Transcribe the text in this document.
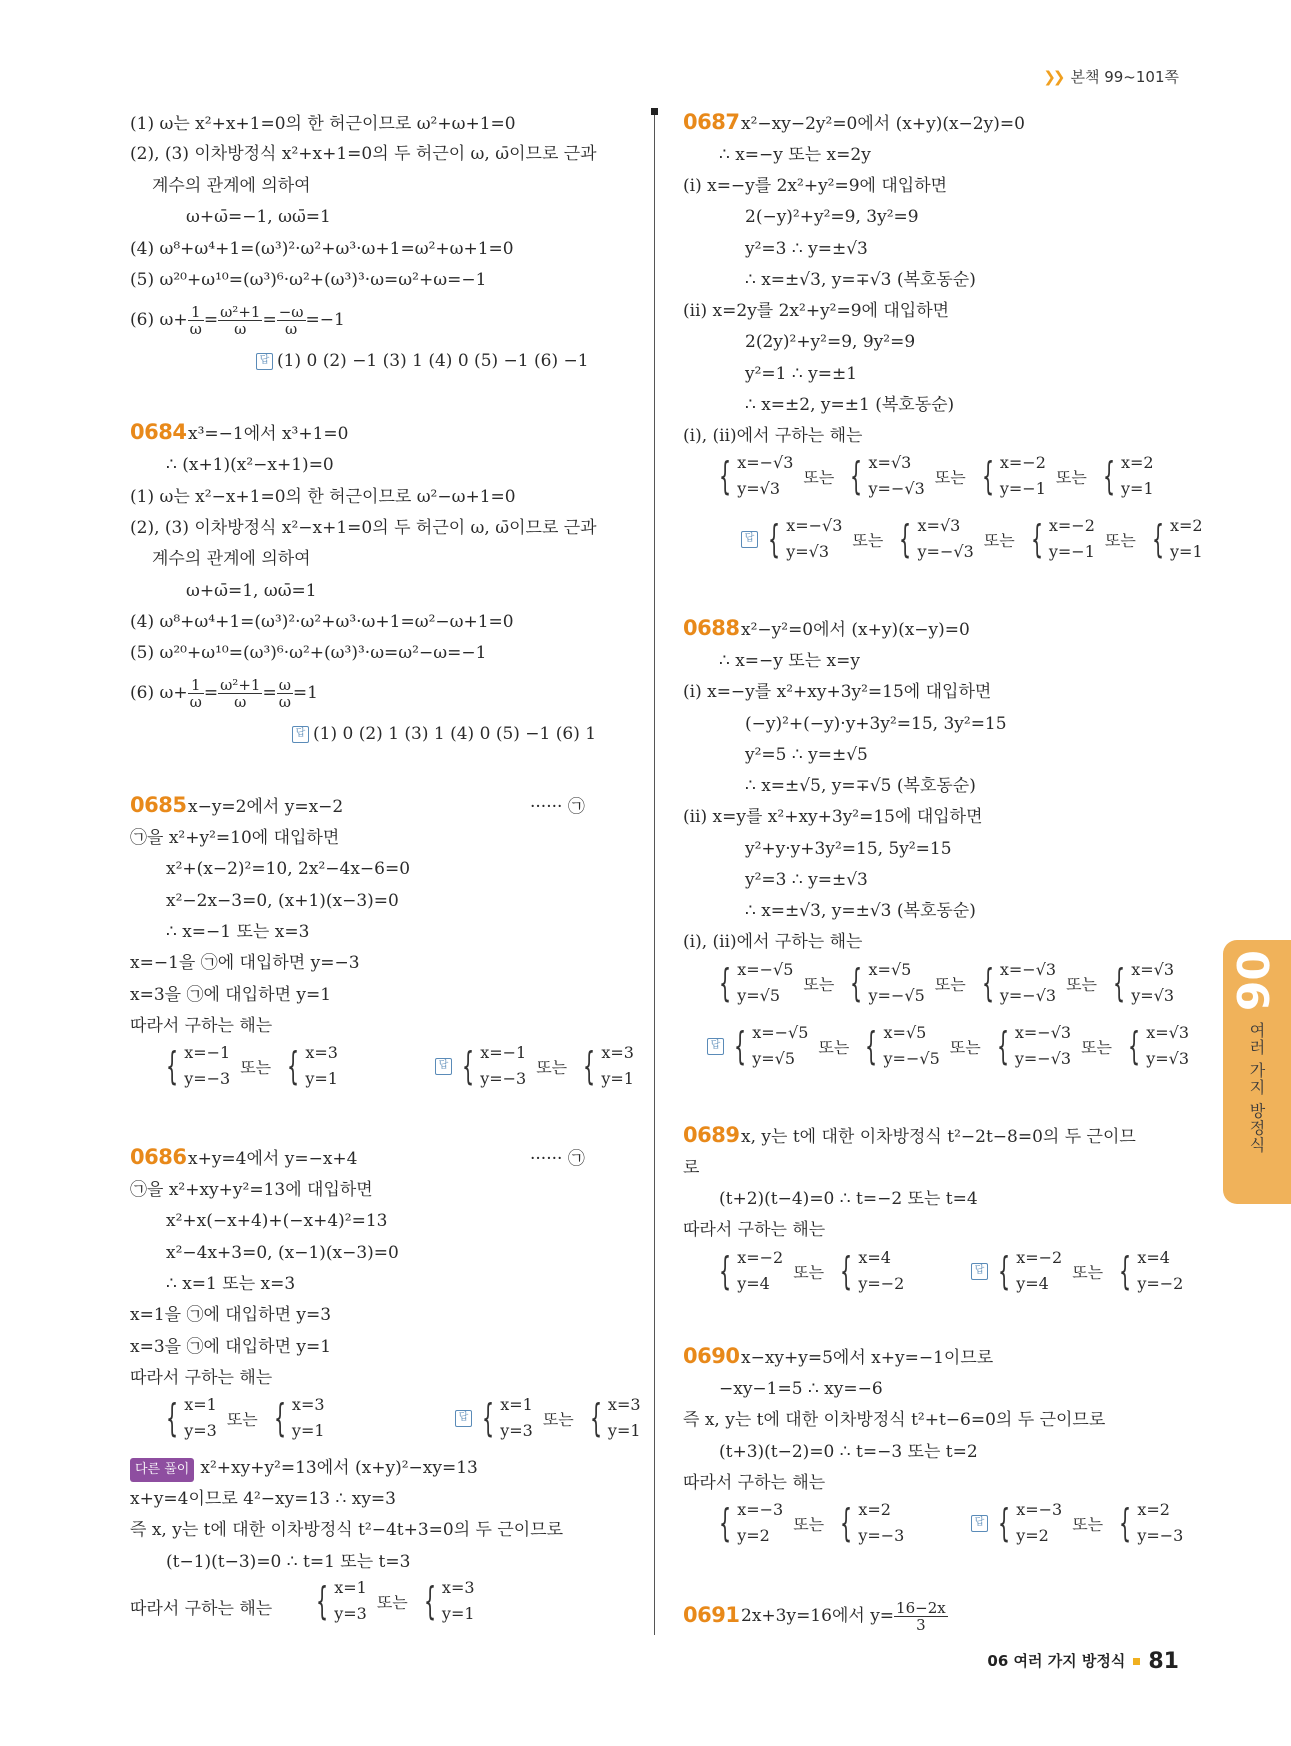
❯❯ 본책 99~101쪽
(1) ω는 x²+x+1=0의 한 허근이므로 ω²+ω+1=0
(2), (3) 이차방정식 x²+x+1=0의 두 허근이 ω, ω̄이므로 근과
계수의 관계에 의하여
ω+ω̄=−1, ωω̄=1
(4) ω⁸+ω⁴+1=(ω³)²·ω²+ω³·ω+1=ω²+ω+1=0
(5) ω²⁰+ω¹⁰=(ω³)⁶·ω²+(ω³)³·ω=ω²+ω=−1
(6) $\omega+ \frac{1}{\omega} = \frac{\text{ω²+1}}{\omega} = \frac{-\omega}{\omega} =-1$
답 (1) 0 (2) −1 (3) 1 (4) 0 (5) −1 (6) −1
0684 x³=−1에서 x³+1=0
∴ (x+1)(x²−x+1)=0
(1) ω는 x²−x+1=0의 한 허근이므로 ω²−ω+1=0
(2), (3) 이차방정식 x²−x+1=0의 두 허근이 ω, ω̄이므로 근과
계수의 관계에 의하여
ω+ω̄=1, ωω̄=1
(4) ω⁸+ω⁴+1=(ω³)²·ω²+ω³·ω+1=ω²−ω+1=0
(5) ω²⁰+ω¹⁰=(ω³)⁶·ω²+(ω³)³·ω=ω²−ω=−1
(6) $\omega+ \frac{1}{\omega} = \frac{\text{ω²+1}}{\omega} = \frac{\omega}{\omega} =1$
답 (1) 0 (2) 1 (3) 1 (4) 0 (5) −1 (6) 1
0685 x−y=2에서 y=x−2	······ ㉠
㉠을 x²+y²=10에 대입하면
x²+(x−2)²=10, 2x²−4x−6=0
x²−2x−3=0, (x+1)(x−3)=0
∴ x=−1 또는 x=3
x=−1을 ㉠에 대입하면 y=−3
x=3을 ㉠에 대입하면 y=1
따라서 구하는 해는
{ x=−1
y=−3또는 { x=3
y=1
답 { x=−1
y=−3또는 { x=3
y=1
0686 x+y=4에서 y=−x+4	······ ㉠
㉠을 x²+xy+y²=13에 대입하면
x²+x(−x+4)+(−x+4)²=13
x²−4x+3=0, (x−1)(x−3)=0
∴ x=1 또는 x=3
x=1을 ㉠에 대입하면 y=3
x=3을 ㉠에 대입하면 y=1
따라서 구하는 해는
{ x=1
y=3또는 { x=3
y=1
답 { x=1
y=3또는 { x=3
y=1
다른 풀이 x²+xy+y²=13에서 (x+y)²−xy=13
x+y=4이므로 4²−xy=13 ∴ xy=3
즉 x, y는 t에 대한 이차방정식 t²−4t+3=0의 두 근이므로
(t−1)(t−3)=0 ∴ t=1 또는 t=3
따라서 구하는 해는 { x=1
y=3또는 { x=3
y=1
0687 x²−xy−2y²=0에서 (x+y)(x−2y)=0
∴ x=−y 또는 x=2y
(ⅰ) x=−y를 2x²+y²=9에 대입하면
2(−y)²+y²=9, 3y²=9
y²=3 ∴ y=±√3
∴ x=±√3, y=∓√3 (복호동순)
(ⅱ) x=2y를 2x²+y²=9에 대입하면
2(2y)²+y²=9, 9y²=9
y²=1 ∴ y=±1
∴ x=±2, y=±1 (복호동순)
(ⅰ), (ⅱ)에서 구하는 해는
{ x=−√3
y=√3또는 { x=√3
y=−√3또는 { x=−2
y=−1또는 { x=2
y=1
답 { x=−√3
y=√3또는 { x=√3
y=−√3또는 { x=−2
y=−1또는 { x=2
y=1
0688 x²−y²=0에서 (x+y)(x−y)=0
∴ x=−y 또는 x=y
(ⅰ) x=−y를 x²+xy+3y²=15에 대입하면
(−y)²+(−y)·y+3y²=15, 3y²=15
y²=5 ∴ y=±√5
∴ x=±√5, y=∓√5 (복호동순)
(ⅱ) x=y를 x²+xy+3y²=15에 대입하면
y²+y·y+3y²=15, 5y²=15
y²=3 ∴ y=±√3
∴ x=±√3, y=±√3 (복호동순)
(ⅰ), (ⅱ)에서 구하는 해는
{ x=−√5
y=√5또는 { x=√5
y=−√5또는 { x=−√3
y=−√3또는 { x=√3
y=√3
답 { x=−√5
y=√5또는 { x=√5
y=−√5또는 { x=−√3
y=−√3또는 { x=√3
y=√3
0689 x, y는 t에 대한 이차방정식 t²−2t−8=0의 두 근이므
로
(t+2)(t−4)=0 ∴ t=−2 또는 t=4
따라서 구하는 해는
{ x=−2
y=4또는 { x=4
y=−2
답 { x=−2
y=4또는 { x=4
y=−2
0690 x−xy+y=5에서 x+y=−1이므로
−xy−1=5 ∴ xy=−6
즉 x, y는 t에 대한 이차방정식 t²+t−6=0의 두 근이므로
(t+3)(t−2)=0 ∴ t=−3 또는 t=2
따라서 구하는 해는
{ x=−3
y=2또는 { x=2
y=−3
답 { x=−3
y=2또는 { x=2
y=−3
0691 2x+3y=16에서 $y= \frac{16-2x}{3}$
06
여러 가지 방정식
06 여러 가지 방정식 81
